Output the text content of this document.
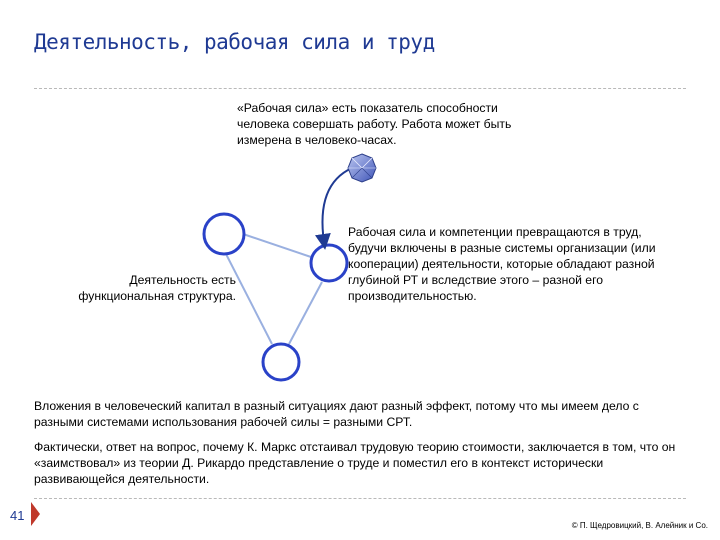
Деятельность, рабочая сила и труд
«Рабочая сила» есть показатель способности человека совершать работу. Работа может быть измерена в человеко-часах.
Деятельность есть функциональная структура.
Рабочая сила и компетенции превращаются в труд, будучи включены в разные системы организации (или кооперации) деятельности, которые обладают разной глубиной РТ и вследствие этого – разной его производительностью.
Вложения в человеческий капитал в разный ситуациях дают разный эффект, потому что мы имеем дело с разными системами использования рабочей силы = разными СРТ.
Фактически, ответ на вопрос, почему К. Маркс отстаивал трудовую теорию стоимости, заключается в том, что он «заимствовал» из теории Д. Рикардо представление о труде и поместил его в контекст исторически развивающейся деятельности.
41
© П. Щедровицкий, В. Алейник и Со.
